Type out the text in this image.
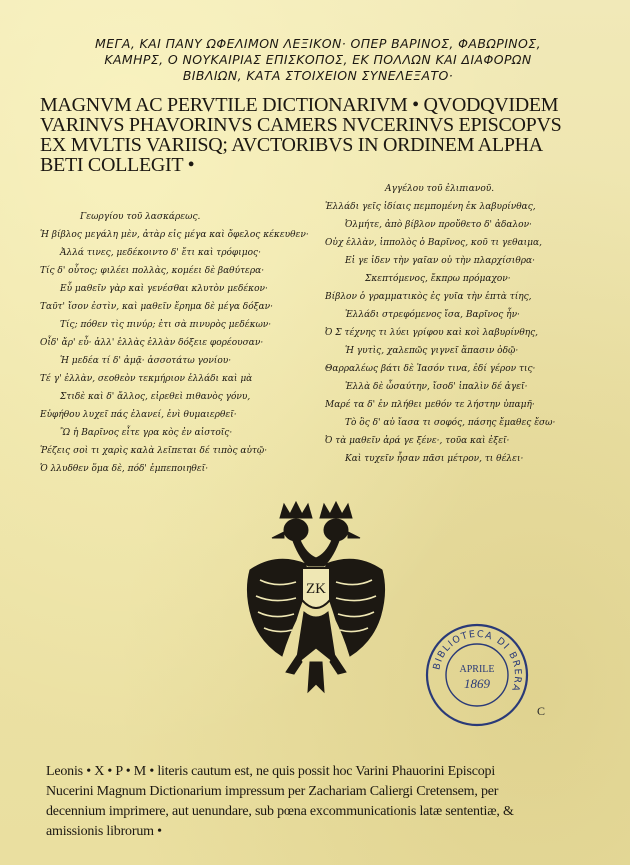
ΜΕΓΑ, ΚΑΙ ΠΑΝΥ ΩΦΕΛΙΜΟΝ ΛΕΞΙΚΟΝ· ΟΠΕΡ ΒΑΡΙΝΟΣ, ΦΑΒΩΡΙΝΟΣ,
ΚΑΜΗΡΣ, Ο ΝΟΥΚΑΙΡΙΑΣ ΕΠΙΣΚΟΠΟΣ, ΕΚ ΠΟΛΛΩΝ ΚΑΙ ΔΙΑΦΟΡΩΝ
ΒΙΒΛΙΩΝ, ΚΑΤΑ ΣΤΟΙΧΕΙΟΝ ΣΥΝΕΛΕΞΑΤΟ·
MAGNVM AC PERVTILE DICTIONARIVM • QVODQVIDEM
VARINVS PHAVORINVS CAMERS NVCERINVS EPISCOPVS
EX MVLTIS VARIISQ; AVCTORIBVS IN ORDINEM ALPHA
BETI COLLEGIT •
Γεωργίου τοῦ λασκάρεως.
Ἡ βίβλος μεγάλη μὲν, ἀτὰρ εἰς μέγα καὶ ὄφελος κέκευθεν·
Ἀλλά τινες, μεδέκοιντο δ' ἔτι καὶ τρόφιμος·
Τίς δ' οὗτος; φιλέει πολλὰς, κομέει δὲ βαθύτερα·
Εὖ μαθεῖν γὰρ καὶ γενέσθαι κλυτὸν μεδέκον·
Ταῦτ' ἴσον ἐστὶν, καὶ μαθεῖν ἔρημα δὲ μέγα δόξαν·
Τίς; πόθεν τὶς πινύρ; ἐτι σὰ πινυρὸς μεδέκων·
Οἶδ' ἄρ' εὖ· ἀλλ' ἑλλὰς ἑλλὰν δόξειε φορέουσαν·
Ἡ μεδέα τί δ' ἀμᾷ· ἀσσοτάτω γονίου·
Τέ γ' ἑλλὰν, σεοθεὸν τεκμήριον ἑλλάδι καὶ μὰ
Στιδὲ καὶ δ' ἄλλος, εἰρεθεὶ πιθανὸς γόνυ,
Εὐφήθου λυχεῖ πάς ἐλανεί, ἐνὶ θυμαιερθεῖ·
Ὢ ἡ Βαρῖνος εἶτε γρα κὸς ἐν αἰστοῖς·
Ῥέζεις σοὶ τι χαρὶς καλὰ λεῖπεται δέ τιπὸς αὐτῷ·
Ὁ λλυδθεν ὅμα δὲ, πόδ' ἐμπεποιηθεῖ·
Αγγέλου τοῦ ἐλιπιανοῦ.
Ἐλλάδι γεῖς ἰδίαις πεμπομένη ἐκ λαβυρίνθας,
Ὀλμήτε, ἀπὸ βίβλον προὔθετο δ' ἀδαλον·
Οὐχ ἑλλὰν, ἱππολὸς ὁ Βαρῖνος, κοῦ τι γεθαιμα,
Εἰ γε ἰδεν τὴν γαῖαν οὐ τὴν πλαρχίσιθρα·
Σκεπτόμενος, ἔκπρω πρόμαχον·
Βίβλον ὁ γραμματικὸς ἐς γυῖα τὴν ἑπτὰ τίης,
Ἐλλάδι στρεφόμενος ἴσα, Βαρῖνος ἦν·
Ὀ Σ τέχνης τι λύει γρίφου καὶ κοὶ λαβυρίνθης,
Ἡ γυτὶς, χαλεπῶς γιγνεῖ ἅπασιν ὁδῷ·
Θαρραλέως βάτι δὲ Ἰασόν τινα, ἐδί γέρον τις·
Ἐλλὰ δὲ ὧσαύτην, ἴσοδ' ἱπαλὶν δέ ἀγεῖ·
Μαρέ τα δ' ἐν πλήθει μεθόν τε λήστην ὐπαμῆ·
Τὸ ὃς δ' αὐ ἴασα τι σοφός, πάσης ἔμαθες ἔσω·
Ὀ τὰ μαθεῖν ἀρά γε ξένε·, τοῦα καὶ ἐξεῖ·
Καὶ τυχεῖν ἧσαν πᾶσι μέτρον, τι θέλει·
ZK
BIBLIOTECA DI BRERA
APRILE
1869
C
Leonis • X • P • M • literis cautum est, ne quis possit hoc Varini Phauorini Episcopi
Nucerini Magnum Dictionarium impressum per Zachariam Caliergi Cretensem, per
decennium imprimere, aut uenundare, sub pœna excommunicationis latæ sententiæ, &
amissionis librorum •
